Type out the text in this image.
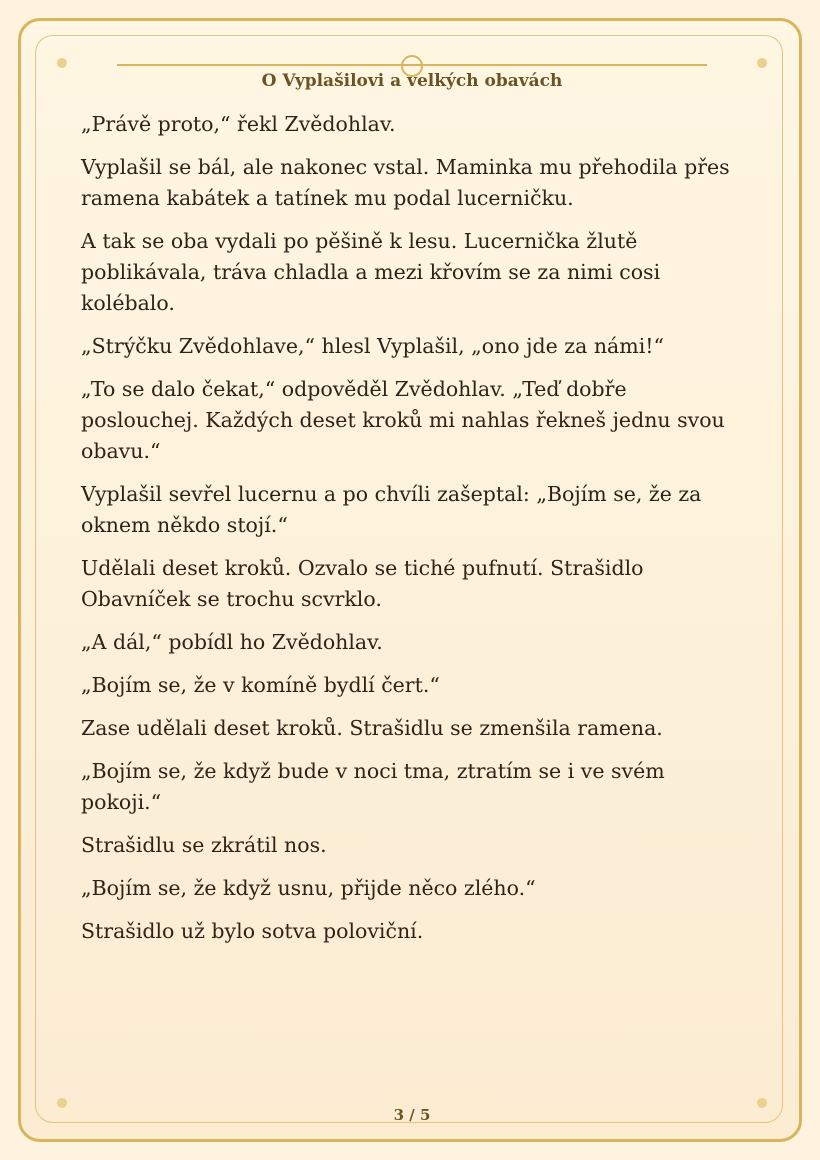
O Vyplašilovi a velkých obavách

„Právě proto,“ řekl Zvědohlav.

Vyplašil se bál, ale nakonec vstal. Maminka mu přehodila přes ramena kabátek a tatínek mu podal lucerničku.

A tak se oba vydali po pěšině k lesu. Lucernička žlutě poblikávala, tráva chladla a mezi křovím se za nimi cosi kolébalo.

„Strýčku Zvědohlave,“ hlesl Vyplašil, „ono jde za námi!“

„To se dalo čekat,“ odpověděl Zvědohlav. „Teď dobře poslouchej. Každých deset kroků mi nahlas řekneš jednu svou obavu.“

Vyplašil sevřel lucernu a po chvíli zašeptal: „Bojím se, že za oknem někdo stojí.“

Udělali deset kroků. Ozvalo se tiché pufnutí. Strašidlo Obavníček se trochu scvrklo.

„A dál,“ pobídl ho Zvědohlav.

„Bojím se, že v komíně bydlí čert.“

Zase udělali deset kroků. Strašidlu se zmenšila ramena.

„Bojím se, že když bude v noci tma, ztratím se i ve svém pokoji.“

Strašidlu se zkrátil nos.

„Bojím se, že když usnu, přijde něco zlého.“

Strašidlo už bylo sotva poloviční.

3 / 5
